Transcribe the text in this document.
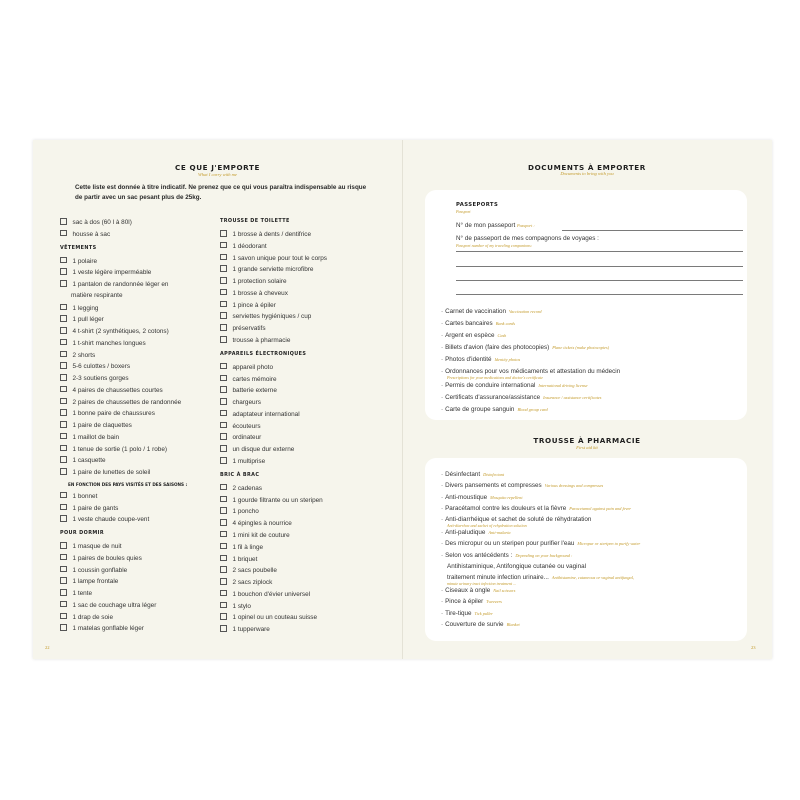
CE QUE J'EMPORTE
What I carry with me
Cette liste est donnée à titre indicatif. Ne prenez que ce qui vous paraîtra indispensable au risque de partir avec un sac pesant plus de 25kg.
sac à dos (60 l à 80l)
housse à sac
VÊTEMENTS
1 polaire
1 veste légère imperméable
1 pantalon de randonnée léger en
matière respirante
1 legging
1 pull léger
4 t-shirt (2 synthétiques, 2 cotons)
1 t-shirt manches longues
2 shorts
5-6 culottes / boxers
2-3 soutiens gorges
4 paires de chaussettes courtes
2 paires de chaussettes de randonnée
1 bonne paire de chaussures
1 paire de claquettes
1 maillot de bain
1 tenue de sortie (1 polo / 1 robe)
1 casquette
1 paire de lunettes de soleil
EN FONCTION DES PAYS VISITÉS ET DES SAISONS :
1 bonnet
1 paire de gants
1 veste chaude coupe-vent
POUR DORMIR
1 masque de nuit
1 paires de boules quies
1 coussin gonflable
1 lampe frontale
1 tente
1 sac de couchage ultra léger
1 drap de soie
1 matelas gonflable léger
TROUSSE DE TOILETTE
1 brosse à dents / dentifrice
1 déodorant
1 savon unique pour tout le corps
1 grande serviette microfibre
1 protection solaire
1 brosse à cheveux
1 pince à épiler
serviettes hygiéniques / cup
préservatifs
trousse à pharmacie
APPAREILS ÉLECTRONIQUES
appareil photo
cartes mémoire
batterie externe
chargeurs
adaptateur international
écouteurs
ordinateur
un disque dur externe
1 multiprise
BRIC À BRAC
2 cadenas
1 gourde filtrante ou un steripen
1 poncho
4 épingles à nourrice
1 mini kit de couture
1 fil à linge
1 briquet
2 sacs poubelle
2 sacs ziplock
1 bouchon d'évier universel
1 stylo
1 opinel ou un couteau suisse
1 tupperware
22
DOCUMENTS À EMPORTER
Documents to bring with you
PASSEPORTS
Passport
N° de mon passeport Passport :
N° de passeport de mes compagnons de voyages :
Passport number of my traveling companions:
· Carnet de vaccination Vaccination record
· Cartes bancaires Bank cards
· Argent en espèce Cash
· Billets d'avion (faire des photocopies) Plane tickets (make photocopies)
· Photos d'identité Identity photos
· Ordonnances pour vos médicaments et attestation du médecin
Prescriptions for your medications and doctor's certificate
· Permis de conduire international International driving license
· Certificats d'assurance/assistance Insurance / assistance certificates
· Carte de groupe sanguin Blood group card
TROUSSE À PHARMACIE
First aid kit
· Désinfectant Disinfectant
· Divers pansements et compresses Various dressings and compresses
· Anti-moustique Mosquito repellent
· Paracétamol contre les douleurs et la fièvre Paracetamol against pain and fever
· Anti-diarrhéique et sachet de soluté de réhydratation
Anti-diarrhea and sachet of rehydration solution
· Anti-paludique Anti-malaria
· Des micropur ou un steripen pour purifier l'eau Micropur or steripen to purify water
· Selon vos antécédents : Depending on your background :
Antihistaminique, Antifongique cutanée ou vaginal
traitement minute infection urinaire... Antihistamine, cutaneous or vaginal antifungal,
minute urinary tract infection treatment ...
· Ciseaux à ongle Nail scissors
· Pince à épiler Tweezers
· Tire-tique Tick puller
· Couverture de survie Blanket
23
